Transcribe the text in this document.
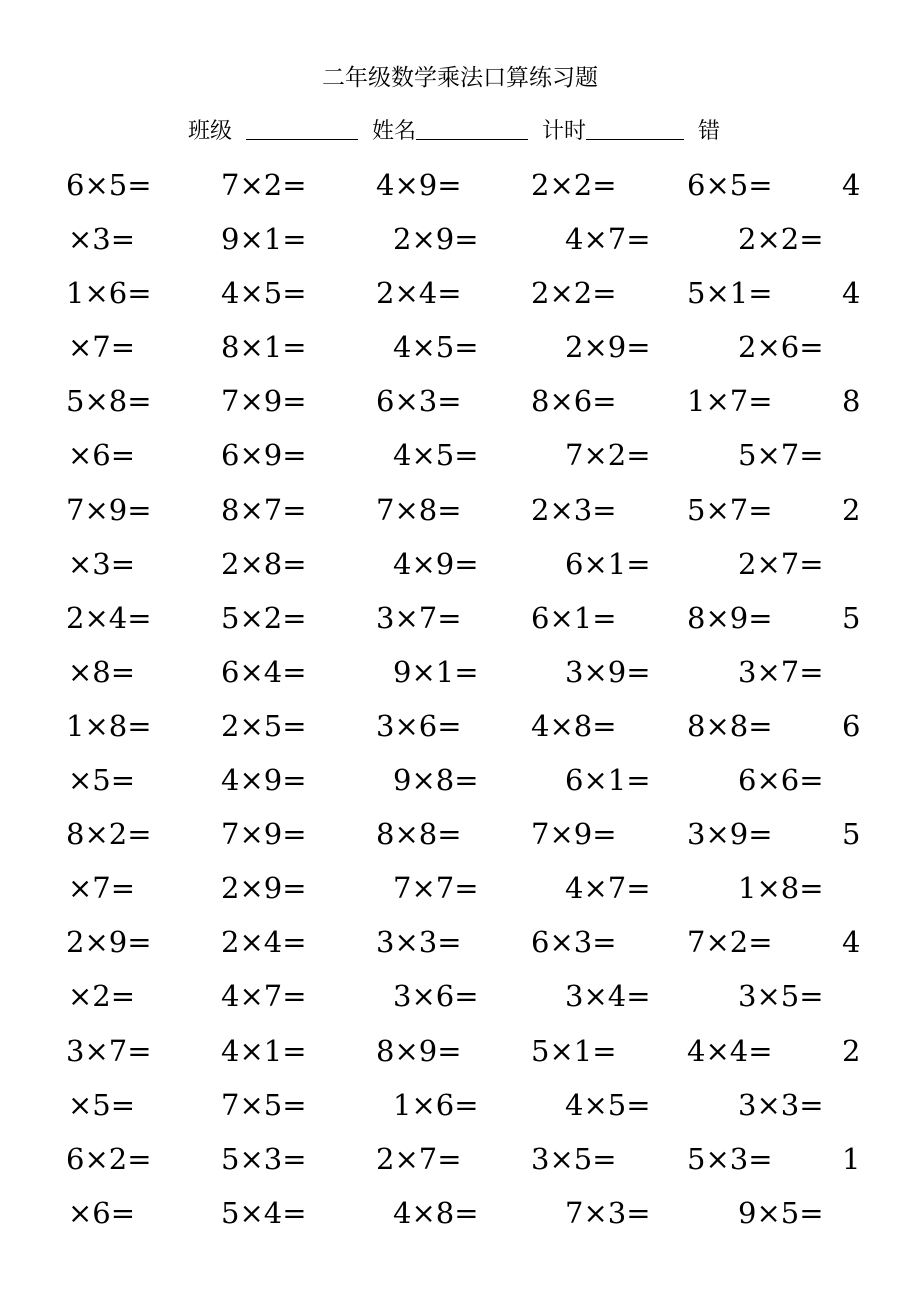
二年级数学乘法口算练习题
班级	姓名	计时	错
6×5= 7×2= 4×9= 2×2= 6×5= 4
×3=	9×1=	2×9=	4×7=	2×2=
1×6= 4×5= 2×4= 2×2= 5×1= 4
×7=	8×1=	4×5=	2×9=	2×6=
5×8= 7×9= 6×3= 8×6= 1×7= 8
×6=	6×9=	4×5=	7×2=	5×7=
7×9= 8×7= 7×8= 2×3= 5×7= 2
×3=	2×8=	4×9=	6×1=	2×7=
2×4= 5×2= 3×7= 6×1= 8×9= 5
×8=	6×4=	9×1=	3×9=	3×7=
1×8= 2×5= 3×6= 4×8= 8×8= 6
×5=	4×9=	9×8=	6×1=	6×6=
8×2= 7×9= 8×8= 7×9= 3×9= 5
×7=	2×9=	7×7=	4×7=	1×8=
2×9= 2×4= 3×3= 6×3= 7×2= 4
×2=	4×7=	3×6=	3×4=	3×5=
3×7= 4×1= 8×9= 5×1= 4×4= 2
×5=	7×5=	1×6=	4×5=	3×3=
6×2= 5×3= 2×7= 3×5= 5×3= 1
×6=	5×4=	4×8=	7×3=	9×5=
